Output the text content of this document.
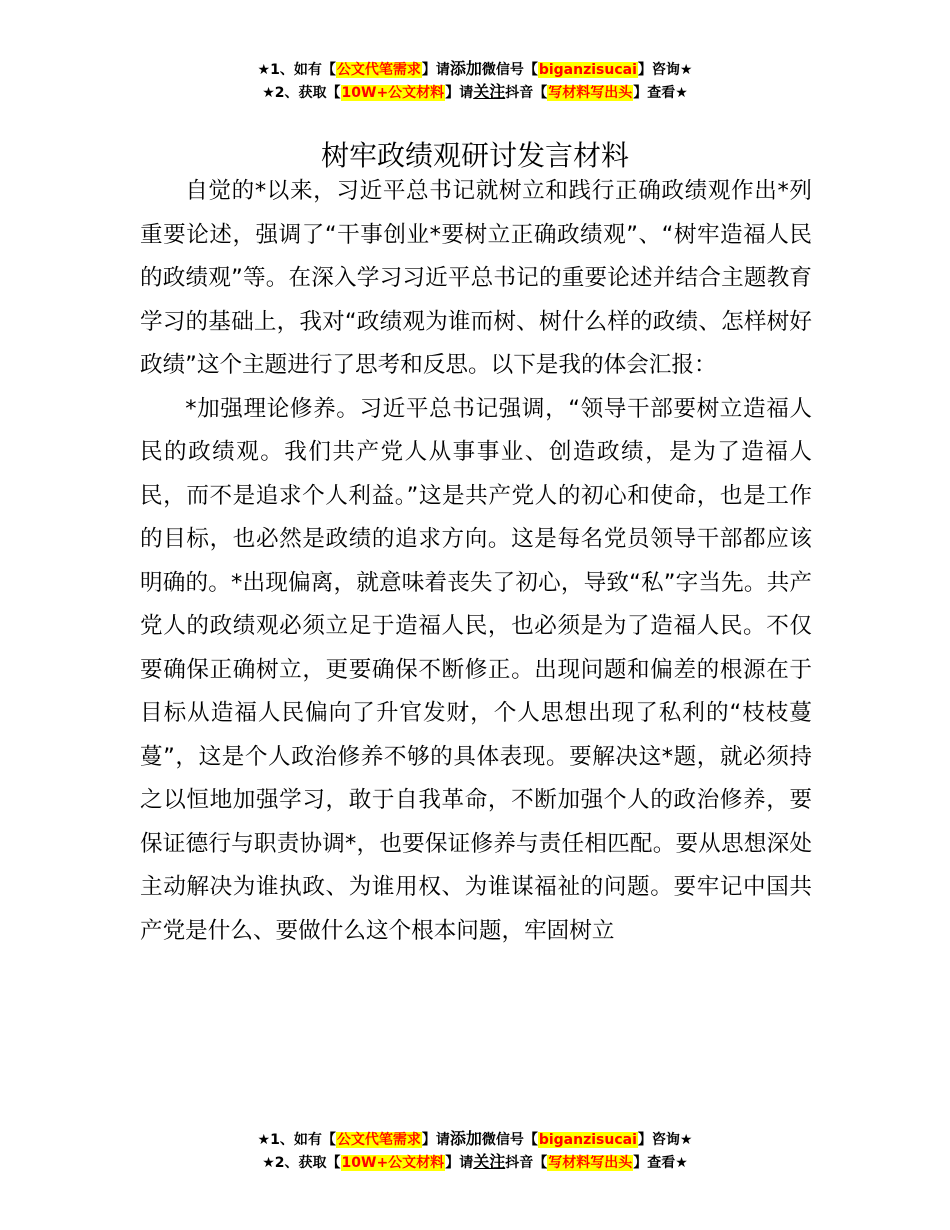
★1、如有【公文代笔需求】请添加微信号【biganzisucai】咨询★
★2、获取【10W+公文材料】请关注抖音【写材料写出头】查看★
树牢政绩观研讨发言材料

自觉的*以来，习近平总书记就树立和践行正确政绩观作出*列重要论述，强调了“干事创业*要树立正确政绩观”、“树牢造福人民的政绩观”等。在深入学习习近平总书记的重要论述并结合主题教育学习的基础上，我对“政绩观为谁而树、树什么样的政绩、怎样树好政绩”这个主题进行了思考和反思。以下是我的体会汇报：

*加强理论修养。习近平总书记强调，“领导干部要树立造福人民的政绩观。我们共产党人从事事业、创造政绩，是为了造福人民，而不是追求个人利益。”这是共产党人的初心和使命，也是工作的目标，也必然是政绩的追求方向。这是每名党员领导干部都应该明确的。*出现偏离，就意味着丧失了初心，导致“私”字当先。共产党人的政绩观必须立足于造福人民，也必须是为了造福人民。不仅要确保正确树立，更要确保不断修正。出现问题和偏差的根源在于目标从造福人民偏向了升官发财，个人思想出现了私利的“枝枝蔓蔓”，这是个人政治修养不够的具体表现。要解决这*题，就必须持之以恒地加强学习，敢于自我革命，不断加强个人的政治修养，要保证德行与职责协调*，也要保证修养与责任相匹配。要从思想深处主动解决为谁执政、为谁用权、为谁谋福祉的问题。要牢记中国共产党是什么、要做什么这个根本问题，牢固树立

★1、如有【公文代笔需求】请添加微信号【biganzisucai】咨询★
★2、获取【10W+公文材料】请关注抖音【写材料写出头】查看★
